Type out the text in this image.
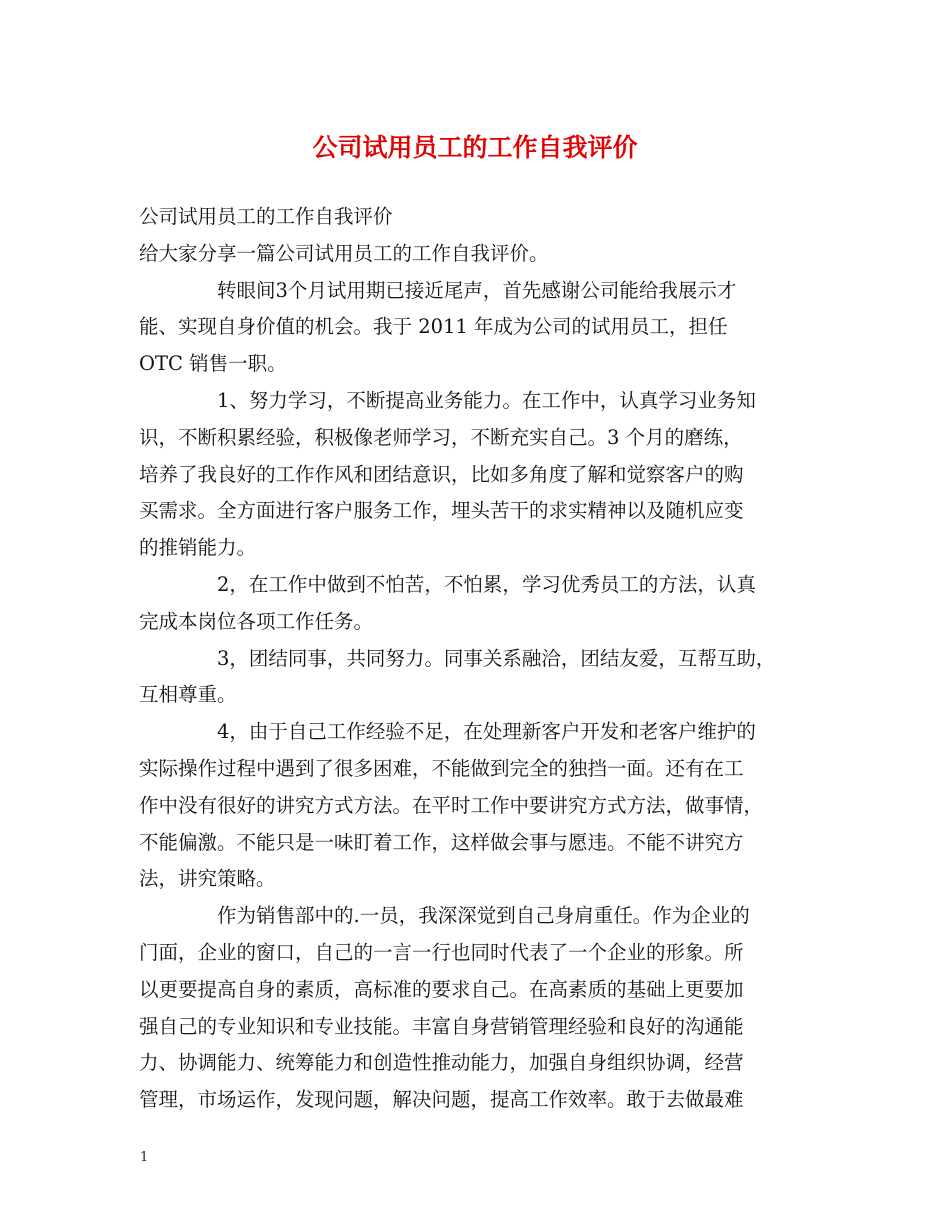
公司试用员工的工作自我评价
公司试用员工的工作自我评价
给大家分享一篇公司试用员工的工作自我评价。
转眼间3个月试用期已接近尾声，首先感谢公司能给我展示才
能、实现自身价值的机会。我于 2011 年成为公司的试用员工，担任
OTC 销售一职。
1、努力学习，不断提高业务能力。在工作中，认真学习业务知
识，不断积累经验，积极像老师学习，不断充实自己。3 个月的磨练，
培养了我良好的工作作风和团结意识，比如多角度了解和觉察客户的购
买需求。全方面进行客户服务工作，埋头苦干的求实精神以及随机应变
的推销能力。
2，在工作中做到不怕苦，不怕累，学习优秀员工的方法，认真
完成本岗位各项工作任务。
3，团结同事，共同努力。同事关系融洽，团结友爱，互帮互助，
互相尊重。
4，由于自己工作经验不足，在处理新客户开发和老客户维护的
实际操作过程中遇到了很多困难，不能做到完全的独挡一面。还有在工
作中没有很好的讲究方式方法。在平时工作中要讲究方式方法，做事情，
不能偏激。不能只是一味盯着工作，这样做会事与愿违。不能不讲究方
法，讲究策略。
作为销售部中的.一员，我深深觉到自己身肩重任。作为企业的
门面，企业的窗口，自己的一言一行也同时代表了一个企业的形象。所
以更要提高自身的素质，高标准的要求自己。在高素质的基础上更要加
强自己的专业知识和专业技能。丰富自身营销管理经验和良好的沟通能
力、协调能力、统筹能力和创造性推动能力，加强自身组织协调，经营
管理，市场运作，发现问题，解决问题，提高工作效率。敢于去做最难
1
